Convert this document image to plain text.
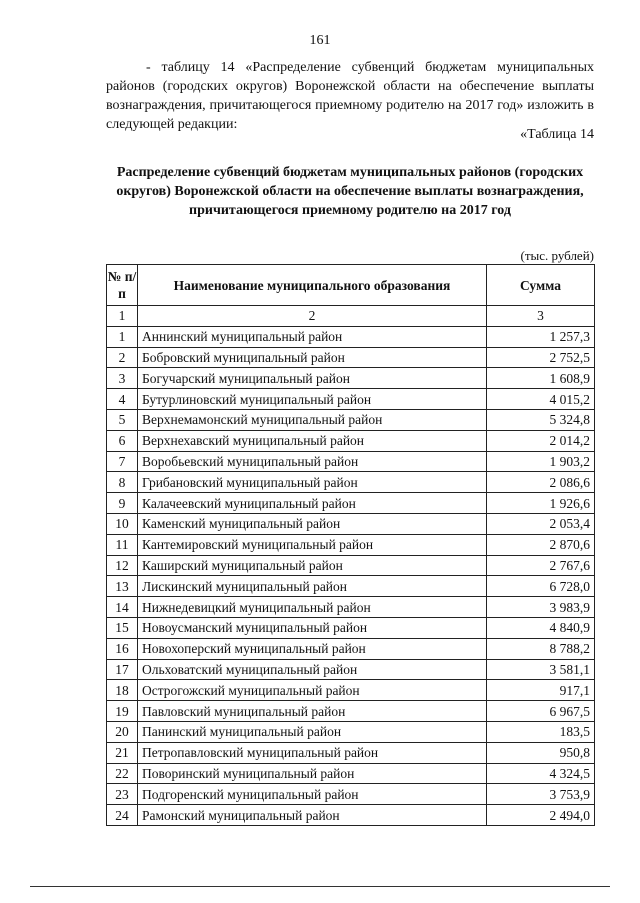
161

- таблицу 14 «Распределение субвенций бюджетам муниципальных районов (городских округов) Воронежской области на обеспечение выплаты вознаграждения, причитающегося приемному родителю на 2017 год» изложить в следующей редакции:

«Таблица 14
Распределение субвенций бюджетам муниципальных районов (городских округов) Воронежской области на обеспечение выплаты вознаграждения, причитающегося приемному родителю на 2017 год
(тыс. рублей)
№ п/п	Наименование муниципального образования	Сумма
1	2	3
1	Аннинский муниципальный район	1 257,3
2	Бобровский муниципальный район	2 752,5
3	Богучарский муниципальный район	1 608,9
4	Бутурлиновский муниципальный район	4 015,2
5	Верхнемамонский муниципальный район	5 324,8
6	Верхнехавский муниципальный район	2 014,2
7	Воробьевский муниципальный район	1 903,2
8	Грибановский муниципальный район	2 086,6
9	Калачеевский муниципальный район	1 926,6
10	Каменский муниципальный район	2 053,4
11	Кантемировский муниципальный район	2 870,6
12	Каширский муниципальный район	2 767,6
13	Лискинский муниципальный район	6 728,0
14	Нижнедевицкий муниципальный район	3 983,9
15	Новоусманский муниципальный район	4 840,9
16	Новохоперский муниципальный район	8 788,2
17	Ольховатский муниципальный район	3 581,1
18	Острогожский муниципальный район	917,1
19	Павловский муниципальный район	6 967,5
20	Панинский муниципальный район	183,5
21	Петропавловский муниципальный район	950,8
22	Поворинский муниципальный район	4 324,5
23	Подгоренский муниципальный район	3 753,9
24	Рамонский муниципальный район	2 494,0
